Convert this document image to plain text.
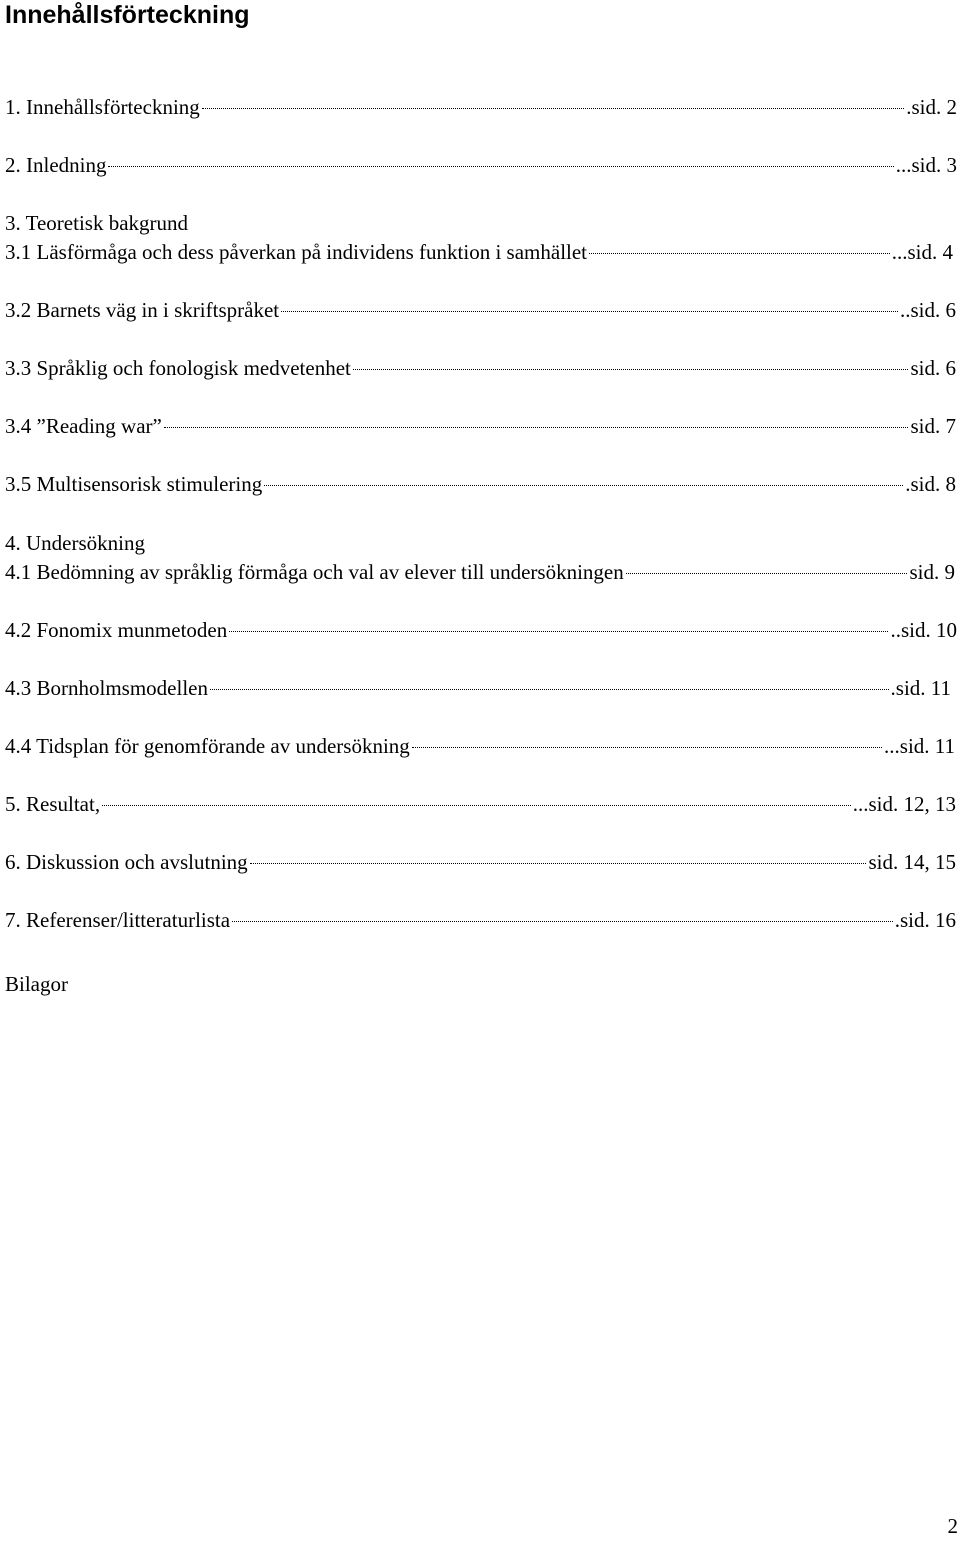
Innehållsförteckning
1. Innehållsförteckning	.sid. 2
2. Inledning	...sid. 3
3. Teoretisk bakgrund
3.1 Läsförmåga och dess påverkan på individens funktion i samhället	...sid. 4
3.2 Barnets väg in i skriftspråket	..sid. 6
3.3 Språklig och fonologisk medvetenhet	sid. 6
3.4 ”Reading war”	sid. 7
3.5 Multisensorisk stimulering	.sid. 8
4. Undersökning
4.1 Bedömning av språklig förmåga och val av elever till undersökningen	sid. 9
4.2 Fonomix munmetoden	..sid. 10
4.3 Bornholmsmodellen	.sid. 11
4.4 Tidsplan för genomförande av undersökning	...sid. 11
5. Resultat,	...sid. 12, 13
6. Diskussion och avslutning	sid. 14, 15
7. Referenser/litteraturlista	.sid. 16
Bilagor
2
